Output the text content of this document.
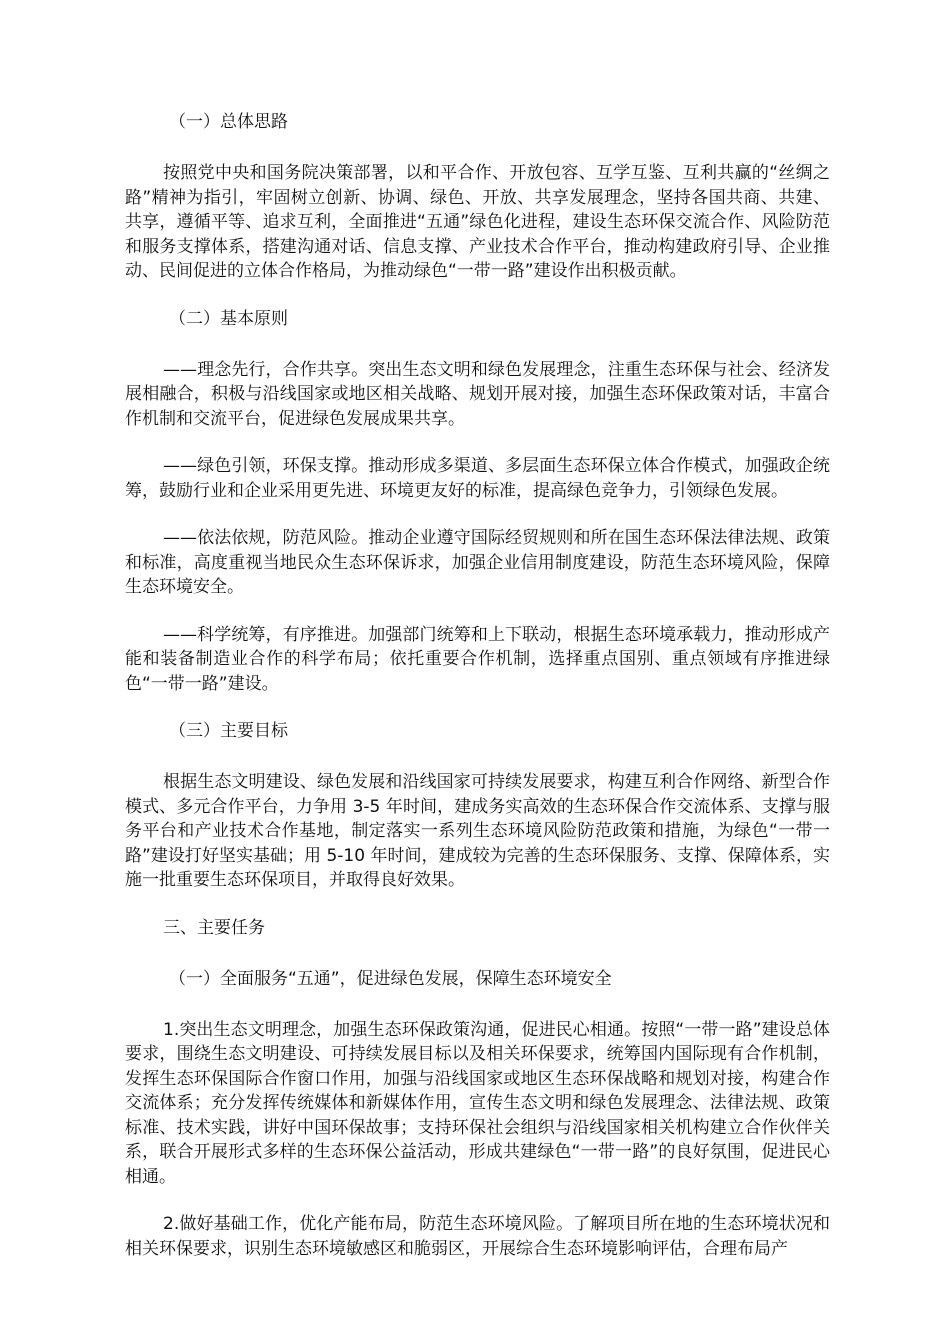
（一）总体思路

按照党中央和国务院决策部署，以和平合作、开放包容、互学互鉴、互利共赢的“丝绸之路”精神为指引，牢固树立创新、协调、绿色、开放、共享发展理念，坚持各国共商、共建、共享，遵循平等、追求互利，全面推进“五通”绿色化进程，建设生态环保交流合作、风险防范和服务支撑体系，搭建沟通对话、信息支撑、产业技术合作平台，推动构建政府引导、企业推动、民间促进的立体合作格局，为推动绿色“一带一路”建设作出积极贡献。

（二）基本原则

——理念先行，合作共享。突出生态文明和绿色发展理念，注重生态环保与社会、经济发展相融合，积极与沿线国家或地区相关战略、规划开展对接，加强生态环保政策对话，丰富合作机制和交流平台，促进绿色发展成果共享。

——绿色引领，环保支撑。推动形成多渠道、多层面生态环保立体合作模式，加强政企统筹，鼓励行业和企业采用更先进、环境更友好的标准，提高绿色竞争力，引领绿色发展。

——依法依规，防范风险。推动企业遵守国际经贸规则和所在国生态环保法律法规、政策和标准，高度重视当地民众生态环保诉求，加强企业信用制度建设，防范生态环境风险，保障生态环境安全。

——科学统筹，有序推进。加强部门统筹和上下联动，根据生态环境承载力，推动形成产能和装备制造业合作的科学布局；依托重要合作机制，选择重点国别、重点领域有序推进绿色“一带一路”建设。

（三）主要目标

根据生态文明建设、绿色发展和沿线国家可持续发展要求，构建互利合作网络、新型合作模式、多元合作平台，力争用 3-5 年时间，建成务实高效的生态环保合作交流体系、支撑与服务平台和产业技术合作基地，制定落实一系列生态环境风险防范政策和措施，为绿色“一带一路”建设打好坚实基础；用 5-10 年时间，建成较为完善的生态环保服务、支撑、保障体系，实施一批重要生态环保项目，并取得良好效果。

三、主要任务

（一）全面服务“五通”，促进绿色发展，保障生态环境安全

1.突出生态文明理念，加强生态环保政策沟通，促进民心相通。按照“一带一路”建设总体要求，围绕生态文明建设、可持续发展目标以及相关环保要求，统筹国内国际现有合作机制，发挥生态环保国际合作窗口作用，加强与沿线国家或地区生态环保战略和规划对接，构建合作交流体系；充分发挥传统媒体和新媒体作用，宣传生态文明和绿色发展理念、法律法规、政策标准、技术实践，讲好中国环保故事；支持环保社会组织与沿线国家相关机构建立合作伙伴关系，联合开展形式多样的生态环保公益活动，形成共建绿色“一带一路”的良好氛围，促进民心相通。

2.做好基础工作，优化产能布局，防范生态环境风险。了解项目所在地的生态环境状况和相关环保要求，识别生态环境敏感区和脆弱区，开展综合生态环境影响评估，合理布局产
